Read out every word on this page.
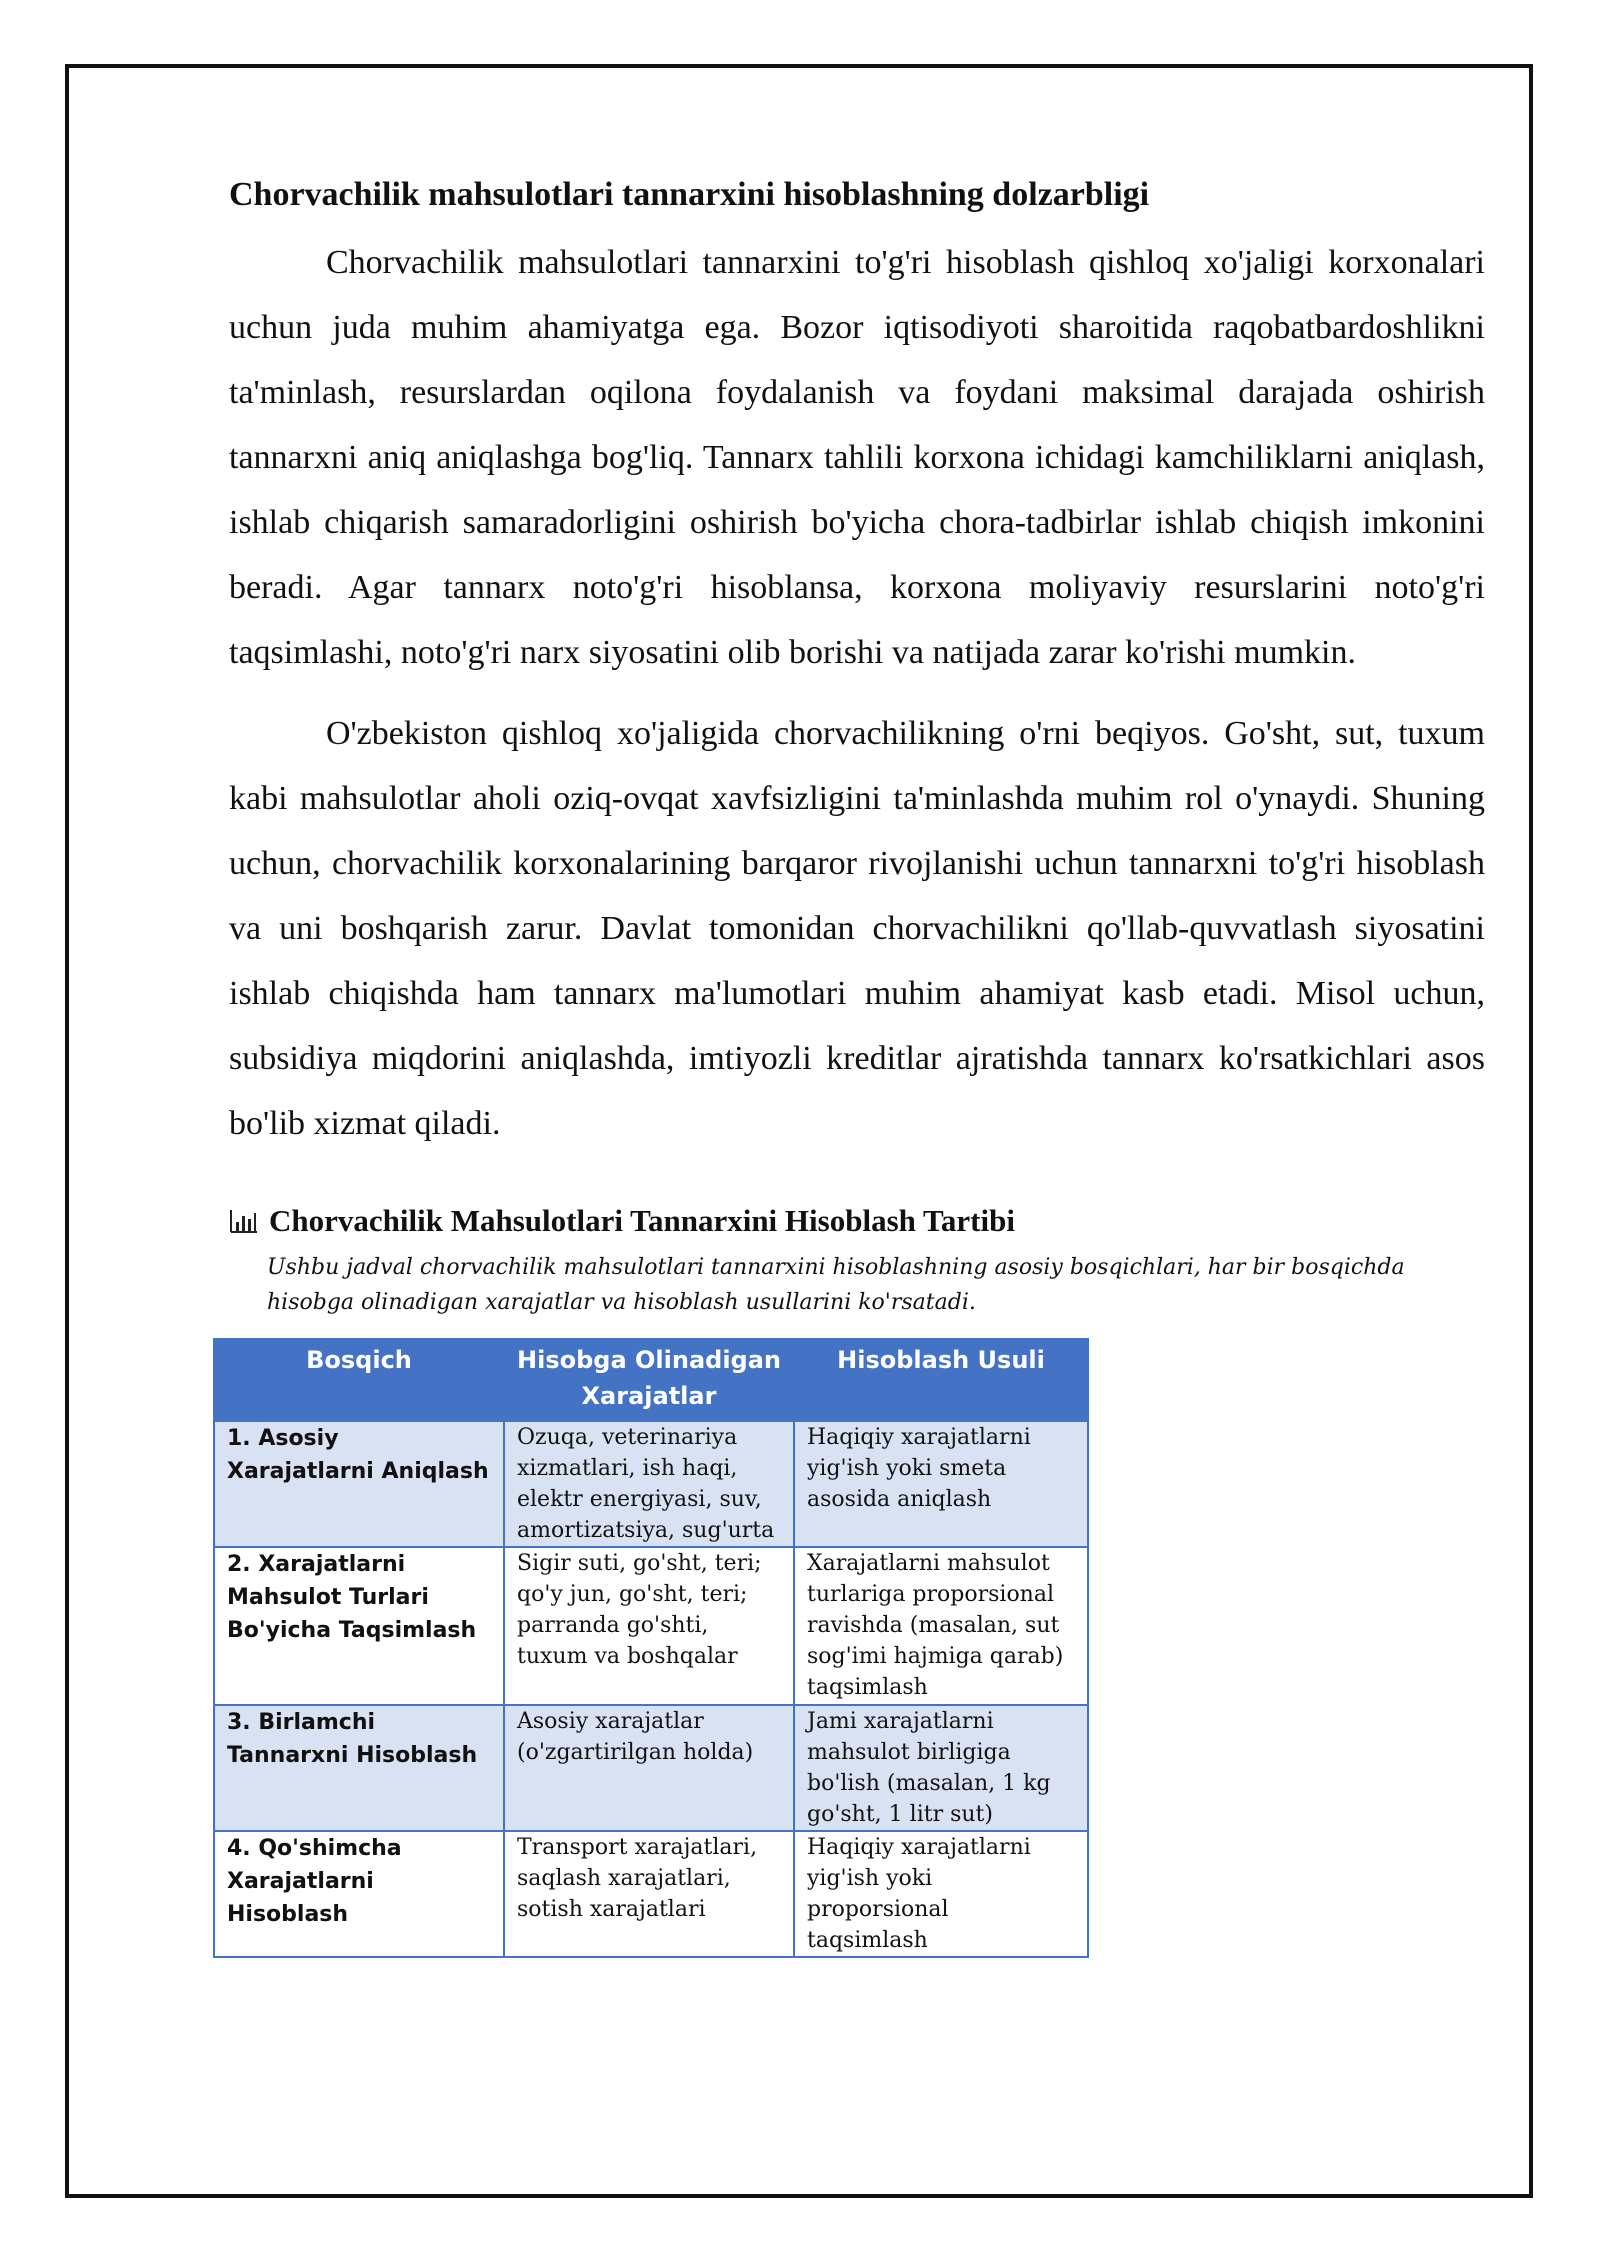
Chorvachilik mahsulotlari tannarxini hisoblashning dolzarbligi

Chorvachilik mahsulotlari tannarxini to'g'ri hisoblash qishloq xo'jaligi korxonalari uchun juda muhim ahamiyatga ega. Bozor iqtisodiyoti sharoitida raqobatbardoshlikni ta'minlash, resurslardan oqilona foydalanish va foydani maksimal darajada oshirish tannarxni aniq aniqlashga bog'liq. Tannarx tahlili korxona ichidagi kamchiliklarni aniqlash, ishlab chiqarish samaradorligini oshirish bo'yicha chora-tadbirlar ishlab chiqish imkonini beradi. Agar tannarx noto'g'ri hisoblansa, korxona moliyaviy resurslarini noto'g'ri taqsimlashi, noto'g'ri narx siyosatini olib borishi va natijada zarar ko'rishi mumkin.

O'zbekiston qishloq xo'jaligida chorvachilikning o'rni beqiyos. Go'sht, sut, tuxum kabi mahsulotlar aholi oziq-ovqat xavfsizligini ta'minlashda muhim rol o'ynaydi. Shuning uchun, chorvachilik korxonalarining barqaror rivojlanishi uchun tannarxni to'g'ri hisoblash va uni boshqarish zarur. Davlat tomonidan chorvachilikni qo'llab-quvvatlash siyosatini ishlab chiqishda ham tannarx ma'lumotlari muhim ahamiyat kasb etadi. Misol uchun, subsidiya miqdorini aniqlashda, imtiyozli kreditlar ajratishda tannarx ko'rsatkichlari asos bo'lib xizmat qiladi.

Chorvachilik Mahsulotlari Tannarxini Hisoblash Tartibi

Ushbu jadval chorvachilik mahsulotlari tannarxini hisoblashning asosiy bosqichlari, har bir bosqichda hisobga olinadigan xarajatlar va hisoblash usullarini ko'rsatadi.

Bosqich	Hisobga Olinadigan Xarajatlar	Hisoblash Usuli
1. Asosiy Xarajatlarni Aniqlash	Ozuqa, veterinariya xizmatlari, ish haqi, elektr energiyasi, suv, amortizatsiya, sug'urta	Haqiqiy xarajatlarni yig'ish yoki smeta asosida aniqlash
2. Xarajatlarni Mahsulot Turlari Bo'yicha Taqsimlash	Sigir suti, go'sht, teri; qo'y jun, go'sht, teri; parranda go'shti, tuxum va boshqalar	Xarajatlarni mahsulot turlariga proporsional ravishda (masalan, sut sog'imi hajmiga qarab) taqsimlash
3. Birlamchi Tannarxni Hisoblash	Asosiy xarajatlar (o'zgartirilgan holda)	Jami xarajatlarni mahsulot birligiga bo'lish (masalan, 1 kg go'sht, 1 litr sut)
4. Qo'shimcha Xarajatlarni Hisoblash	Transport xarajatlari, saqlash xarajatlari, sotish xarajatlari	Haqiqiy xarajatlarni yig'ish yoki proporsional taqsimlash
